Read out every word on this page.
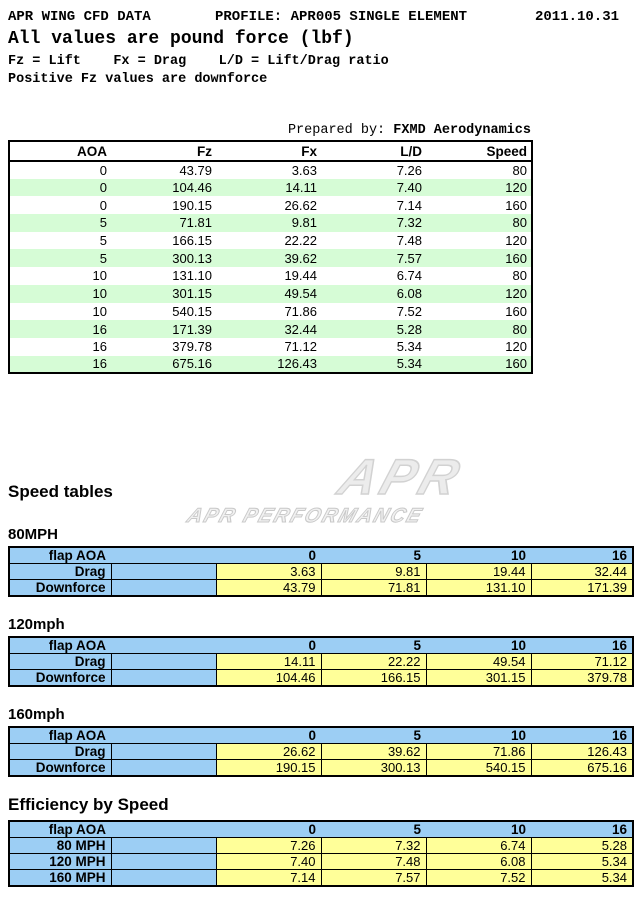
APR WING CFD DATA	PROFILE: APR005 SINGLE ELEMENT	2011.10.31
All values are pound force (lbf)
Fz = Lift    Fx = Drag    L/D = Lift/Drag ratio
Positive Fz values are downforce
Prepared by: FXMD Aerodynamics
AOA	Fz	Fx	L/D	Speed
0	43.79	3.63	7.26	80
0	104.46	14.11	7.40	120
0	190.15	26.62	7.14	160
5	71.81	9.81	7.32	80
5	166.15	22.22	7.48	120
5	300.13	39.62	7.57	160
10	131.10	19.44	6.74	80
10	301.15	49.54	6.08	120
10	540.15	71.86	7.52	160
16	171.39	32.44	5.28	80
16	379.78	71.12	5.34	120
16	675.16	126.43	5.34	160
APR
APR PERFORMANCE
Speed tables
80MPH
flap AOA		0	5	10	16
Drag		3.63	9.81	19.44	32.44
Downforce		43.79	71.81	131.10	171.39
120mph
flap AOA		0	5	10	16
Drag		14.11	22.22	49.54	71.12
Downforce		104.46	166.15	301.15	379.78
160mph
flap AOA		0	5	10	16
Drag		26.62	39.62	71.86	126.43
Downforce		190.15	300.13	540.15	675.16
Efficiency by Speed
flap AOA		0	5	10	16
80 MPH		7.26	7.32	6.74	5.28
120 MPH		7.40	7.48	6.08	5.34
160 MPH		7.14	7.57	7.52	5.34
